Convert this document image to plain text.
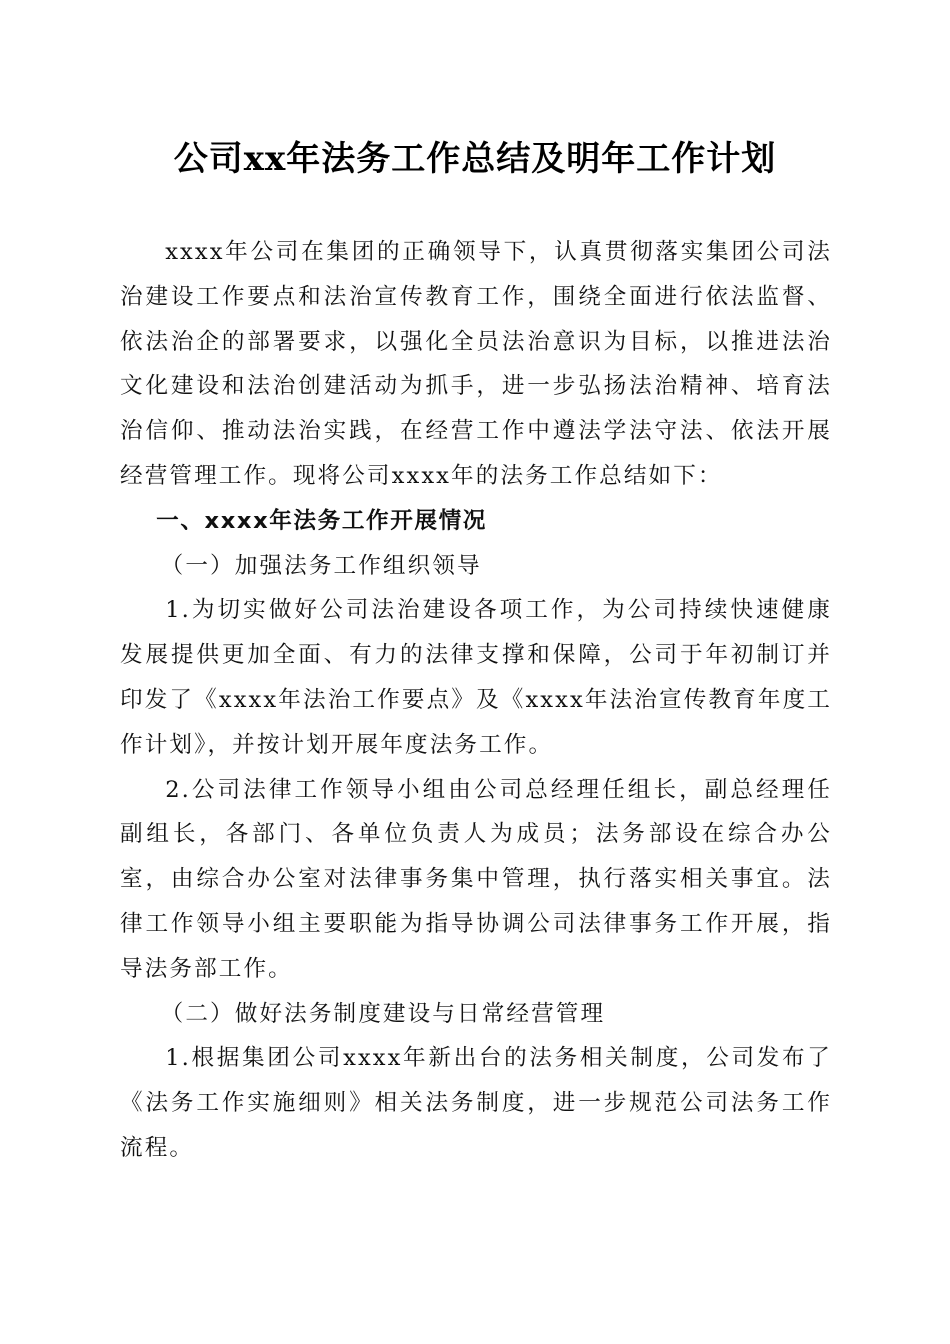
公司xx年法务工作总结及明年工作计划

xxxx年公司在集团的正确领导下，认真贯彻落实集团公司法治建设工作要点和法治宣传教育工作，围绕全面进行依法监督、依法治企的部署要求，以强化全员法治意识为目标，以推进法治文化建设和法治创建活动为抓手，进一步弘扬法治精神、培育法治信仰、推动法治实践，在经营工作中遵法学法守法、依法开展经营管理工作。现将公司xxxx年的法务工作总结如下：

一、xxxx年法务工作开展情况

（一）加强法务工作组织领导

1.为切实做好公司法治建设各项工作，为公司持续快速健康发展提供更加全面、有力的法律支撑和保障，公司于年初制订并印发了《xxxx年法治工作要点》及《xxxx年法治宣传教育年度工作计划》，并按计划开展年度法务工作。

2.公司法律工作领导小组由公司总经理任组长，副总经理任副组长，各部门、各单位负责人为成员；法务部设在综合办公室，由综合办公室对法律事务集中管理，执行落实相关事宜。法律工作领导小组主要职能为指导协调公司法律事务工作开展，指导法务部工作。

（二）做好法务制度建设与日常经营管理

1.根据集团公司xxxx年新出台的法务相关制度，公司发布了《法务工作实施细则》相关法务制度，进一步规范公司法务工作流程。
